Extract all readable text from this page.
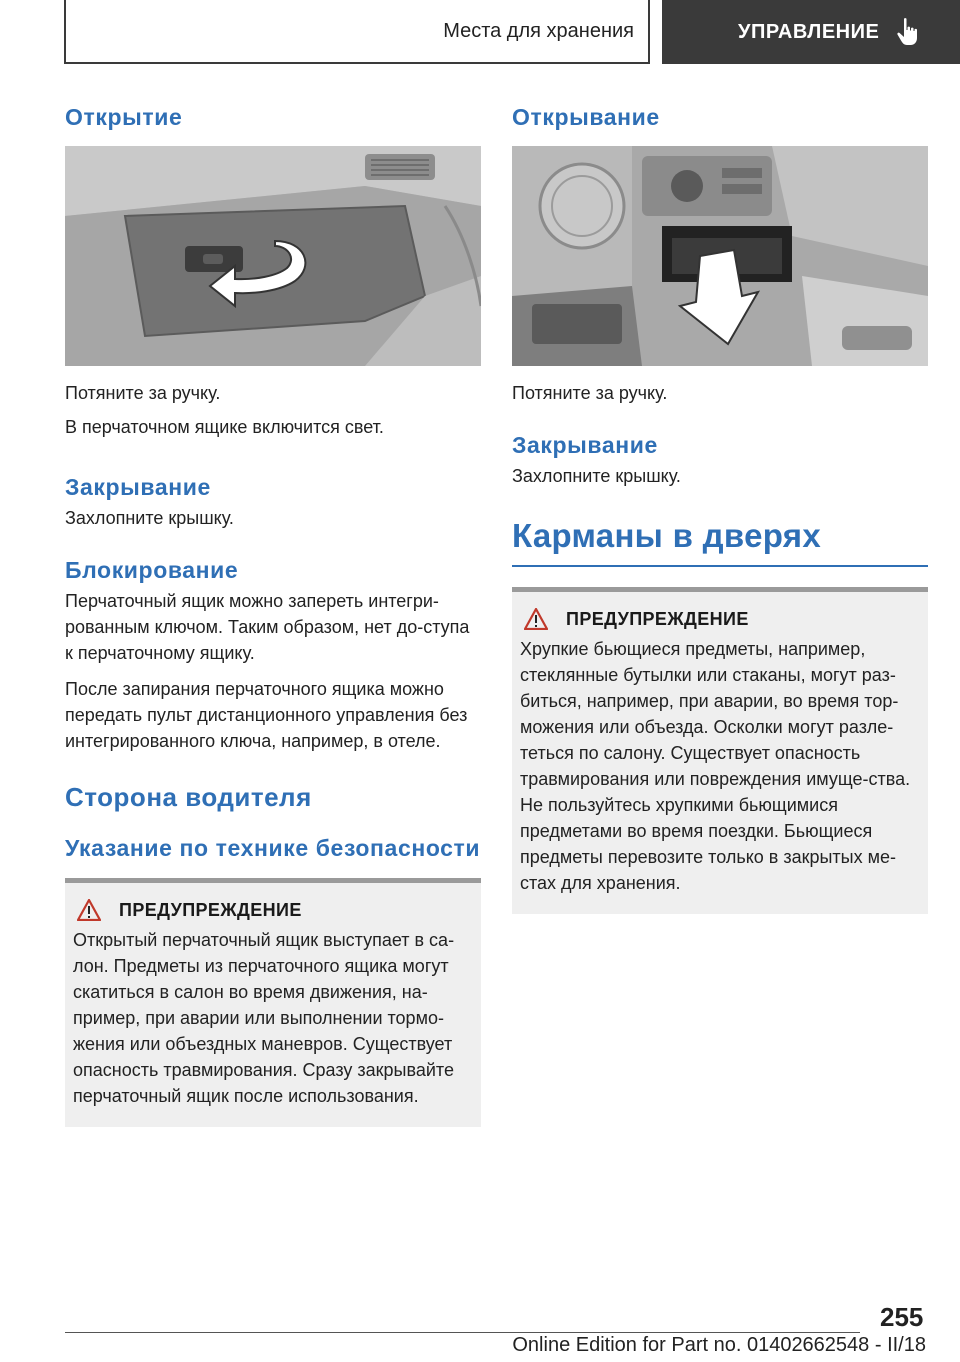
Места для хранения	УПРАВЛЕНИЕ
Открытие

Потяните за ручку.

В перчаточном ящике включится свет.

Закрывание

Захлопните крышку.

Блокирование

Перчаточный ящик можно запереть интегри-рованным ключом. Таким образом, нет до-ступа к перчаточному ящику.

После запирания перчаточного ящика можно передать пульт дистанционного управления без интегрированного ключа, например, в отеле.

Сторона водителя
Указание по технике безопасности
ПРЕДУПРЕЖДЕНИЕ

Открытый перчаточный ящик выступает в са-лон. Предметы из перчаточного ящика могут скатиться в салон во время движения, на-пример, при аварии или выполнении тормо-жения или объездных маневров. Существует опасность травмирования. Сразу закрывайте перчаточный ящик после использования.

Открывание

Потяните за ручку.

Закрывание

Захлопните крышку.

Карманы в дверях
ПРЕДУПРЕЖДЕНИЕ

Хрупкие бьющиеся предметы, например, стеклянные бутылки или стаканы, могут раз-биться, например, при аварии, во время тор-можения или объезда. Осколки могут разле-теться по салону. Существует опасность травмирования или повреждения имуще-ства. Не пользуйтесь хрупкими бьющимися предметами во время поездки. Бьющиеся предметы перевозите только в закрытых ме-стах для хранения.

255
Online Edition for Part no. 01402662548 - II/18
